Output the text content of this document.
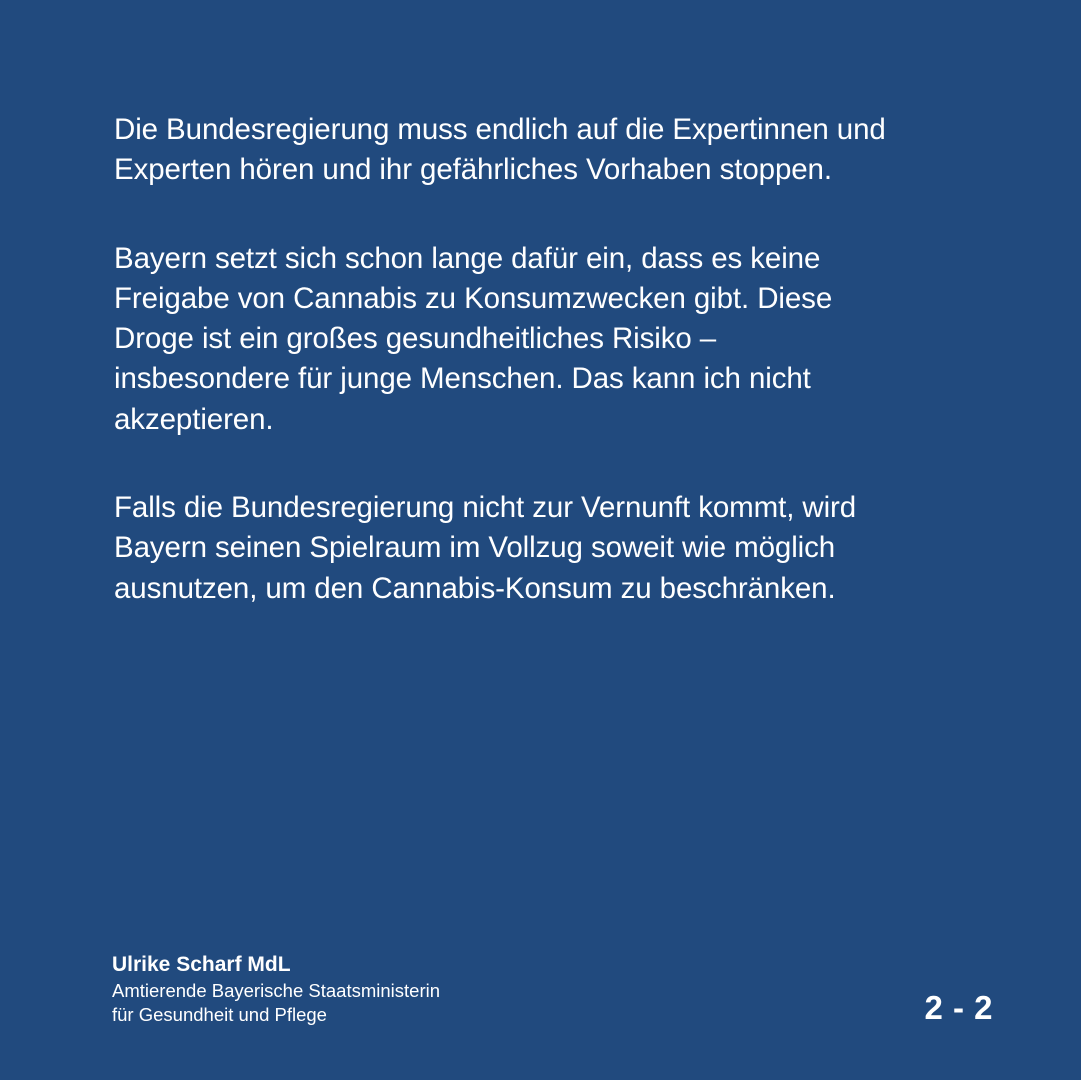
Die Bundesregierung muss endlich auf die Expertinnen und
Experten hören und ihr gefährliches Vorhaben stoppen.

Bayern setzt sich schon lange dafür ein, dass es keine
Freigabe von Cannabis zu Konsumzwecken gibt. Diese
Droge ist ein großes gesundheitliches Risiko –
insbesondere für junge Menschen. Das kann ich nicht
akzeptieren.

Falls die Bundesregierung nicht zur Vernunft kommt, wird
Bayern seinen Spielraum im Vollzug soweit wie möglich
ausnutzen, um den Cannabis-Konsum zu beschränken.

Ulrike Scharf MdL
Amtierende Bayerische Staatsministerin
für Gesundheit und Pflege	2 - 2
